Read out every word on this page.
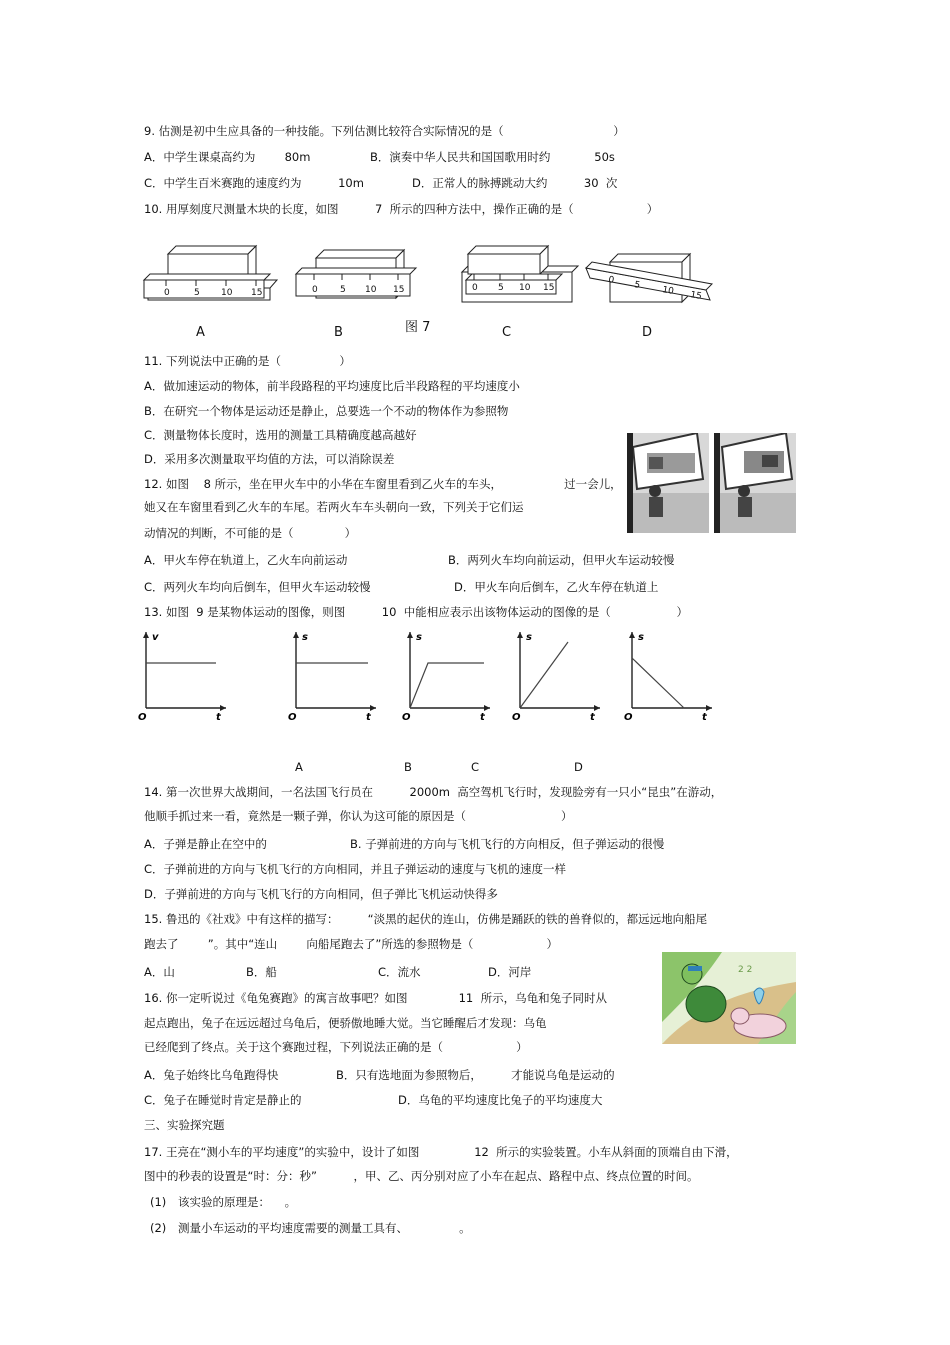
9. 估测是初中生应具备的一种技能。下列估测比较符合实际情况的是（                              ）
A．中学生课桌高约为        80m	B．演奏中华人民共和国国歌用时约            50s
C．中学生百米赛跑的速度约为          10m	D．正常人的脉搏跳动大约          30  次
10. 用厚刻度尺测量木块的长度，如图          7  所示的四种方法中，操作正确的是（                    ）
0	5 10 15	0 5 10 15	0 5 10 15
0 5 10 15
A	B	图 7	C	D
11. 下列说法中正确的是（                ）
A．做加速运动的物体，前半段路程的平均速度比后半段路程的平均速度小
B．在研究一个物体是运动还是静止，总要选一个不动的物体作为参照物
C．测量物体长度时，选用的测量工具精确度越高越好
D．采用多次测量取平均值的方法，可以消除误差
12. 如图    8 所示，坐在甲火车中的小华在车窗里看到乙火车的车头，                 过一会儿，
她又在车窗里看到乙火车的车尾。若两火车车头朝向一致，下列关于它们运
动情况的判断，不可能的是（              ）
A．甲火车停在轨道上，乙火车向前运动	B．两列火车均向前运动，但甲火车运动较慢
C．两列火车均向后倒车，但甲火车运动较慢	D．甲火车向后倒车，乙火车停在轨道上
13. 如图  9 是某物体运动的图像，则图          10  中能相应表示出该物体运动的图像的是（                  ）
v
O	t
s
O	t
s
O	t
s
O	t
s
O	t
A	B	C	D
14. 第一次世界大战期间，一名法国飞行员在          2000m  高空驾机飞行时，发现脸旁有一只小“昆虫”在游动，
他顺手抓过来一看，竟然是一颗子弹，你认为这可能的原因是（                          ）
A．子弹是静止在空中的	B. 子弹前进的方向与飞机飞行的方向相反，但子弹运动的很慢
C．子弹前进的方向与飞机飞行的方向相同，并且子弹运动的速度与飞机的速度一样
D．子弹前进的方向与飞机飞行的方向相同，但子弹比飞机运动快得多
15. 鲁迅的《社戏》中有这样的描写：        “淡黑的起伏的连山，仿佛是踊跃的铁的兽脊似的，都远远地向船尾
跑去了        ”。其中“连山        向船尾跑去了”所选的参照物是（                    ）
A．山	B．船	C．流水	D．河岸	2 2
16. 你一定听说过《龟兔赛跑》的寓言故事吧？如图              11  所示，乌龟和兔子同时从
起点跑出，兔子在远远超过乌龟后，便骄傲地睡大觉。当它睡醒后才发现：乌龟
已经爬到了终点。关于这个赛跑过程，下列说法正确的是（                    ）
A．兔子始终比乌龟跑得快	B．只有选地面为参照物后，        才能说乌龟是运动的
C．兔子在睡觉时肯定是静止的	D．乌龟的平均速度比兔子的平均速度大
三、实验探究题
17. 王亮在“测小车的平均速度”的实验中，设计了如图               12  所示的实验装置。小车从斜面的顶端自由下滑，
图中的秒表的设置是“时：分：秒”          ，甲、乙、丙分别对应了小车在起点、路程中点、终点位置的时间。
(1) 该实验的原理是：    。
(2) 测量小车运动的平均速度需要的测量工具有、              。
